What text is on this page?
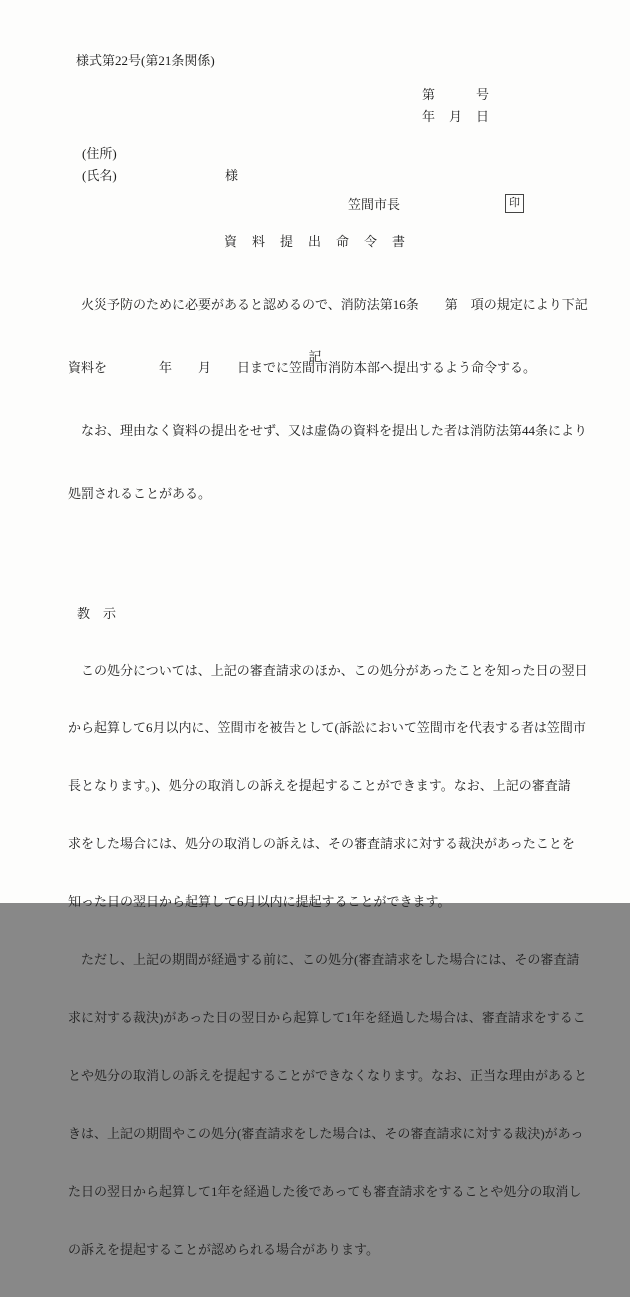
様式第22号(第21条関係)
第　　　号
年　月　日
(住所)
(氏名)	様
笠間市長	印
資　料　提　出　命　令　書

　火災予防のために必要があると認めるので、消防法第16条　　第　項の規定により下記

資料を　　　　年　　月　　日までに笠間市消防本部へ提出するよう命令する。

　なお、理由なく資料の提出をせず、又は虚偽の資料を提出した者は消防法第44条により

処罰されることがある。

記
教　示

　この処分については、上記の審査請求のほか、この処分があったことを知った日の翌日

から起算して6月以内に、笠間市を被告として(訴訟において笠間市を代表する者は笠間市

長となります。)、処分の取消しの訴えを提起することができます。なお、上記の審査請

求をした場合には、処分の取消しの訴えは、その審査請求に対する裁決があったことを

知った日の翌日から起算して6月以内に提起することができます。

　ただし、上記の期間が経過する前に、この処分(審査請求をした場合には、その審査請

求に対する裁決)があった日の翌日から起算して1年を経過した場合は、審査請求をするこ

とや処分の取消しの訴えを提起することができなくなります。なお、正当な理由があると

きは、上記の期間やこの処分(審査請求をした場合は、その審査請求に対する裁決)があっ

た日の翌日から起算して1年を経過した後であっても審査請求をすることや処分の取消し

の訴えを提起することが認められる場合があります。
